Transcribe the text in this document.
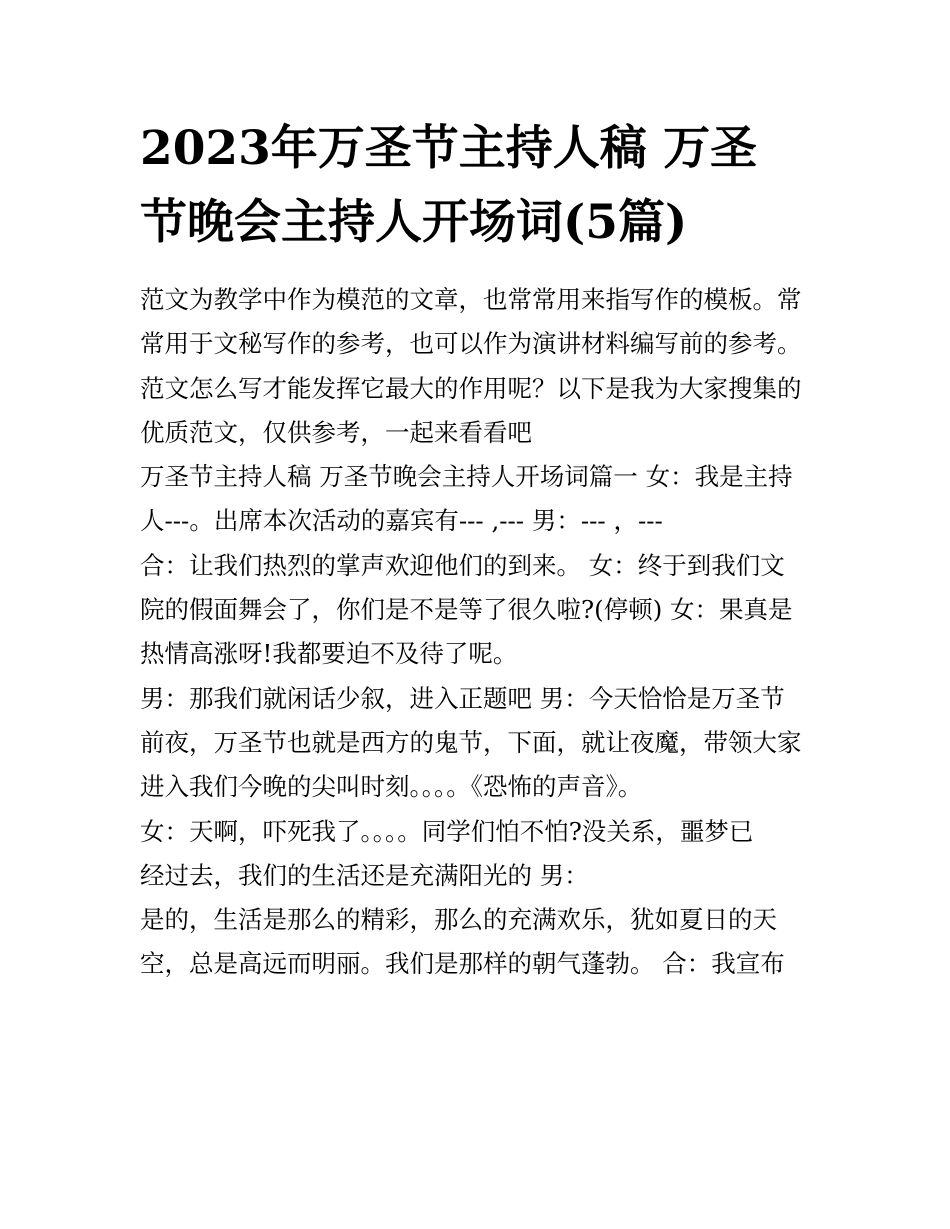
2023年万圣节主持人稿 万圣
节晚会主持人开场词(5篇)
范文为教学中作为模范的文章，也常常用来指写作的模板。常
常用于文秘写作的参考，也可以作为演讲材料编写前的参考。
范文怎么写才能发挥它最大的作用呢？以下是我为大家搜集的
优质范文，仅供参考，一起来看看吧
万圣节主持人稿 万圣节晚会主持人开场词篇一 女：我是主持
人---。出席本次活动的嘉宾有--- ,--- 男：--- ，---
合：让我们热烈的掌声欢迎他们的到来。 女：终于到我们文
院的假面舞会了，你们是不是等了很久啦?(停顿) 女：果真是
热情高涨呀!我都要迫不及待了呢。
男：那我们就闲话少叙，进入正题吧 男：今天恰恰是万圣节
前夜，万圣节也就是西方的鬼节，下面，就让夜魔，带领大家
进入我们今晚的尖叫时刻。。。。《恐怖的声音》。
女：天啊，吓死我了。。。。同学们怕不怕?没关系，噩梦已
经过去，我们的生活还是充满阳光的 男：
是的，生活是那么的精彩，那么的充满欢乐，犹如夏日的天
空，总是高远而明丽。我们是那样的朝气蓬勃。 合：我宣布
